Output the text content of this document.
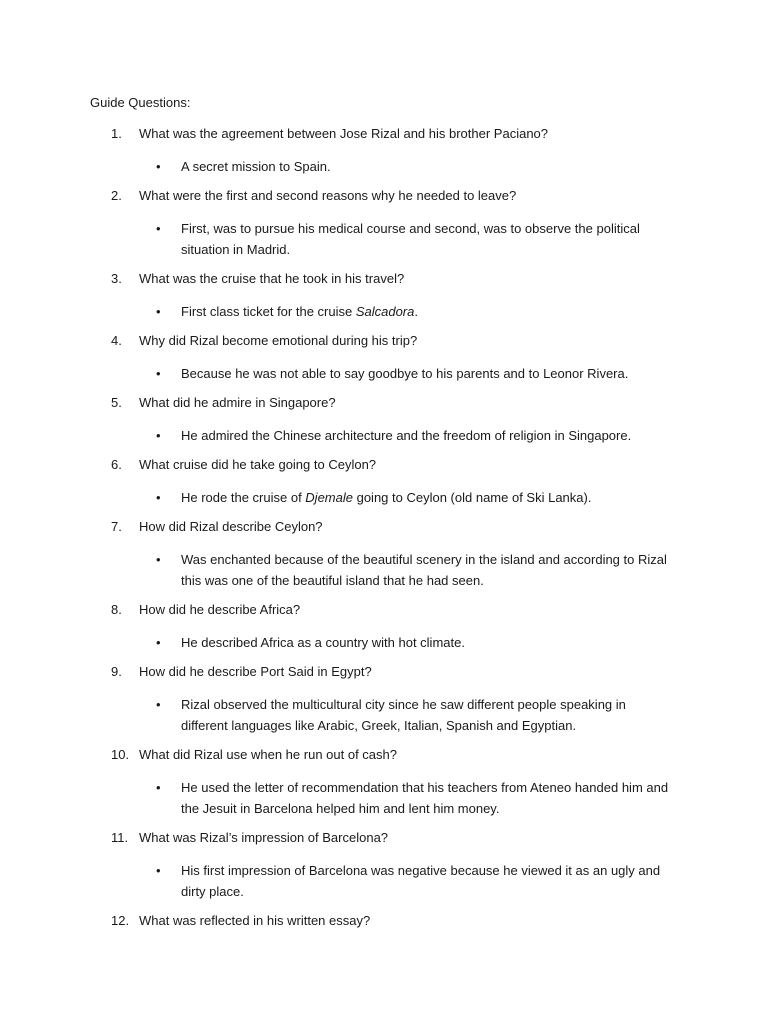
Guide Questions:
1.	What was the agreement between Jose Rizal and his brother Paciano?
• A secret mission to Spain.
2.	What were the first and second reasons why he needed to leave?
• First, was to pursue his medical course and second, was to observe the political situation in Madrid.
3.	What was the cruise that he took in his travel?
• First class ticket for the cruise Salcadora.
4.	Why did Rizal become emotional during his trip?
• Because he was not able to say goodbye to his parents and to Leonor Rivera.
5.	What did he admire in Singapore?
• He admired the Chinese architecture and the freedom of religion in Singapore.
6.	What cruise did he take going to Ceylon?
• He rode the cruise of Djemale going to Ceylon (old name of Ski Lanka).
7.	How did Rizal describe Ceylon?
• Was enchanted because of the beautiful scenery in the island and according to Rizal this was one of the beautiful island that he had seen.
8.	How did he describe Africa?
• He described Africa as a country with hot climate.
9.	How did he describe Port Said in Egypt?
• Rizal observed the multicultural city since he saw different people speaking in different languages like Arabic, Greek, Italian, Spanish and Egyptian.
10. What did Rizal use when he run out of cash?
• He used the letter of recommendation that his teachers from Ateneo handed him and the Jesuit in Barcelona helped him and lent him money.
11. What was Rizal’s impression of Barcelona?
• His first impression of Barcelona was negative because he viewed it as an ugly and dirty place.
12. What was reflected in his written essay?
